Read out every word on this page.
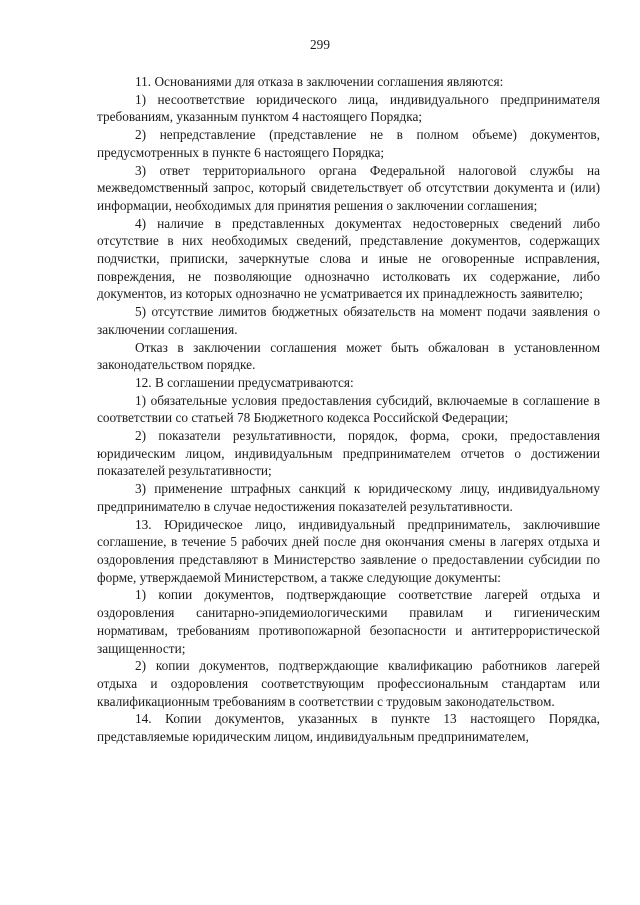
299

11. Основаниями для отказа в заключении соглашения являются:

1) несоответствие юридического лица, индивидуального предпринимателя требованиям, указанным пунктом 4 настоящего Порядка;

2) непредставление (представление не в полном объеме) документов, предусмотренных в пункте 6 настоящего Порядка;

3) ответ территориального органа Федеральной налоговой службы на межведомственный запрос, который свидетельствует об отсутствии документа и (или) информации, необходимых для принятия решения о заключении соглашения;

4) наличие в представленных документах недостоверных сведений либо отсутствие в них необходимых сведений, представление документов, содержащих подчистки, приписки, зачеркнутые слова и иные не оговоренные исправления, повреждения, не позволяющие однозначно истолковать их содержание, либо документов, из которых однозначно не усматривается их принадлежность заявителю;

5) отсутствие лимитов бюджетных обязательств на момент подачи заявления о заключении соглашения.

Отказ в заключении соглашения может быть обжалован в установленном законодательством порядке.

12. В соглашении предусматриваются:

1) обязательные условия предоставления субсидий, включаемые в соглашение в соответствии со статьей 78 Бюджетного кодекса Российской Федерации;

2) показатели результативности, порядок, форма, сроки, предоставления юридическим лицом, индивидуальным предпринимателем отчетов о достижении показателей результативности;

3) применение штрафных санкций к юридическому лицу, индивидуальному предпринимателю в случае недостижения показателей результативности.

13. Юридическое лицо, индивидуальный предприниматель, заключившие соглашение, в течение 5 рабочих дней после дня окончания смены в лагерях отдыха и оздоровления представляют в Министерство заявление о предоставлении субсидии по форме, утверждаемой Министерством, а также следующие документы:

1) копии документов, подтверждающие соответствие лагерей отдыха и оздоровления санитарно-эпидемиологическими правилам и гигиеническим нормативам, требованиям противопожарной безопасности и антитеррористической защищенности;

2) копии документов, подтверждающие квалификацию работников лагерей отдыха и оздоровления соответствующим профессиональным стандартам или квалификационным требованиям в соответствии с трудовым законодательством.

14. Копии документов, указанных в пункте 13 настоящего Порядка, представляемые юридическим лицом, индивидуальным предпринимателем,
